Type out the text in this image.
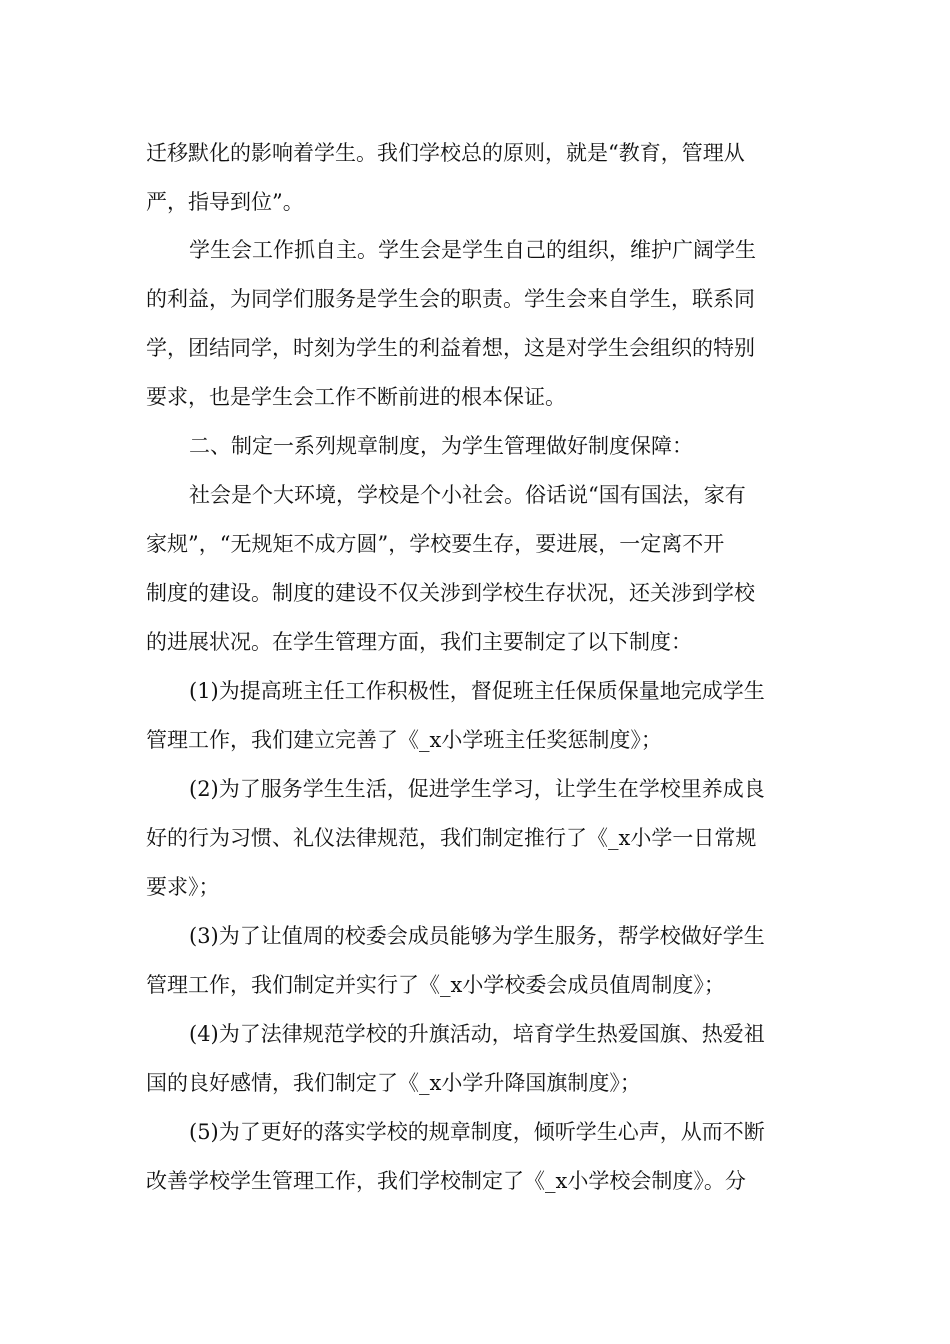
迁移默化的影响着学生。我们学校总的原则，就是“教育，管理从
严，指导到位”。
学生会工作抓自主。学生会是学生自己的组织，维护广阔学生
的利益，为同学们服务是学生会的职责。学生会来自学生，联系同
学，团结同学，时刻为学生的利益着想，这是对学生会组织的特别
要求，也是学生会工作不断前进的根本保证。
二、制定一系列规章制度，为学生管理做好制度保障：
社会是个大环境，学校是个小社会。俗话说“国有国法，家有
家规”，“无规矩不成方圆”，学校要生存，要进展，一定离不开
制度的建设。制度的建设不仅关涉到学校生存状况，还关涉到学校
的进展状况。在学生管理方面，我们主要制定了以下制度：
(1)为提高班主任工作积极性，督促班主任保质保量地完成学生
管理工作，我们建立完善了《_x小学班主任奖惩制度》；
(2)为了服务学生生活，促进学生学习，让学生在学校里养成良
好的行为习惯、礼仪法律规范，我们制定推行了《_x小学一日常规
要求》；
(3)为了让值周的校委会成员能够为学生服务，帮学校做好学生
管理工作，我们制定并实行了《_x小学校委会成员值周制度》；
(4)为了法律规范学校的升旗活动，培育学生热爱国旗、热爱祖
国的良好感情，我们制定了《_x小学升降国旗制度》；
(5)为了更好的落实学校的规章制度，倾听学生心声，从而不断
改善学校学生管理工作，我们学校制定了《_x小学校会制度》。分
